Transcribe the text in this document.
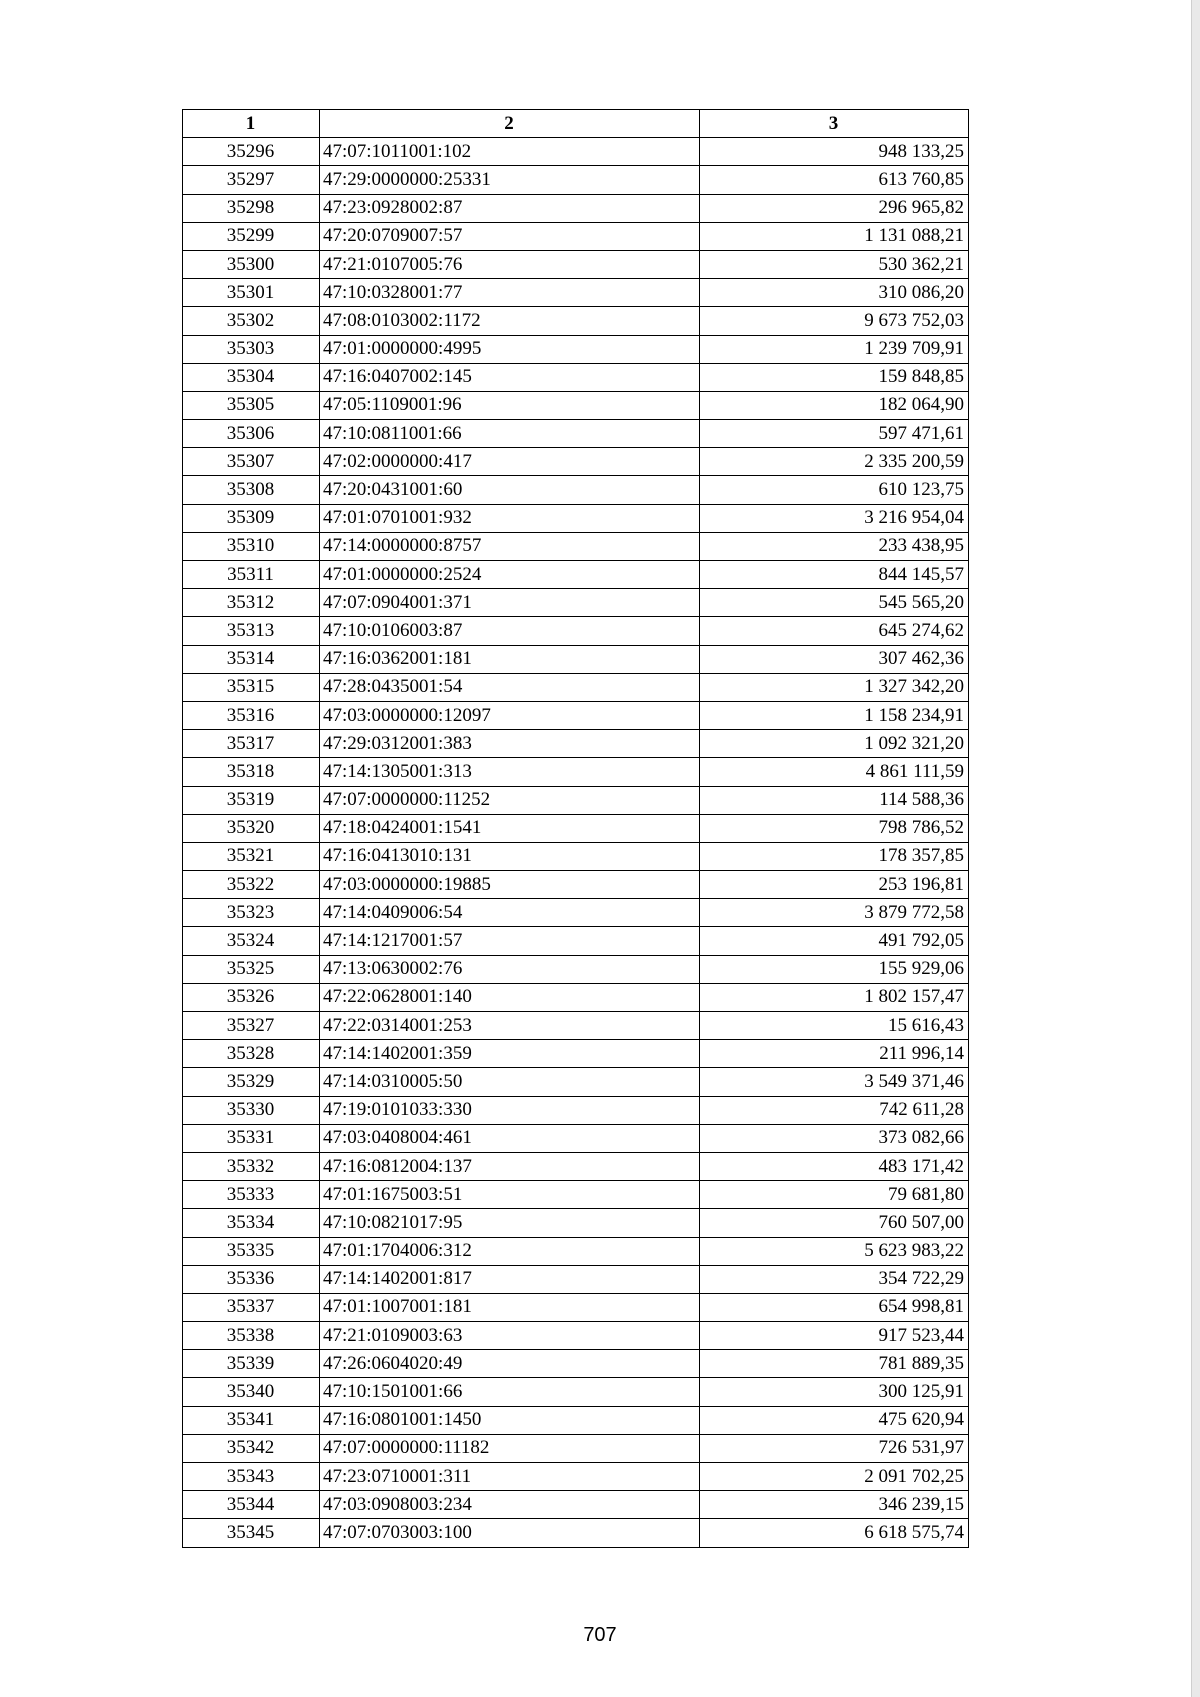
1	2	3
35296	47:07:1011001:102	948 133,25
35297	47:29:0000000:25331	613 760,85
35298	47:23:0928002:87	296 965,82
35299	47:20:0709007:57	1 131 088,21
35300	47:21:0107005:76	530 362,21
35301	47:10:0328001:77	310 086,20
35302	47:08:0103002:1172	9 673 752,03
35303	47:01:0000000:4995	1 239 709,91
35304	47:16:0407002:145	159 848,85
35305	47:05:1109001:96	182 064,90
35306	47:10:0811001:66	597 471,61
35307	47:02:0000000:417	2 335 200,59
35308	47:20:0431001:60	610 123,75
35309	47:01:0701001:932	3 216 954,04
35310	47:14:0000000:8757	233 438,95
35311	47:01:0000000:2524	844 145,57
35312	47:07:0904001:371	545 565,20
35313	47:10:0106003:87	645 274,62
35314	47:16:0362001:181	307 462,36
35315	47:28:0435001:54	1 327 342,20
35316	47:03:0000000:12097	1 158 234,91
35317	47:29:0312001:383	1 092 321,20
35318	47:14:1305001:313	4 861 111,59
35319	47:07:0000000:11252	114 588,36
35320	47:18:0424001:1541	798 786,52
35321	47:16:0413010:131	178 357,85
35322	47:03:0000000:19885	253 196,81
35323	47:14:0409006:54	3 879 772,58
35324	47:14:1217001:57	491 792,05
35325	47:13:0630002:76	155 929,06
35326	47:22:0628001:140	1 802 157,47
35327	47:22:0314001:253	15 616,43
35328	47:14:1402001:359	211 996,14
35329	47:14:0310005:50	3 549 371,46
35330	47:19:0101033:330	742 611,28
35331	47:03:0408004:461	373 082,66
35332	47:16:0812004:137	483 171,42
35333	47:01:1675003:51	79 681,80
35334	47:10:0821017:95	760 507,00
35335	47:01:1704006:312	5 623 983,22
35336	47:14:1402001:817	354 722,29
35337	47:01:1007001:181	654 998,81
35338	47:21:0109003:63	917 523,44
35339	47:26:0604020:49	781 889,35
35340	47:10:1501001:66	300 125,91
35341	47:16:0801001:1450	475 620,94
35342	47:07:0000000:11182	726 531,97
35343	47:23:0710001:311	2 091 702,25
35344	47:03:0908003:234	346 239,15
35345	47:07:0703003:100	6 618 575,74
707
